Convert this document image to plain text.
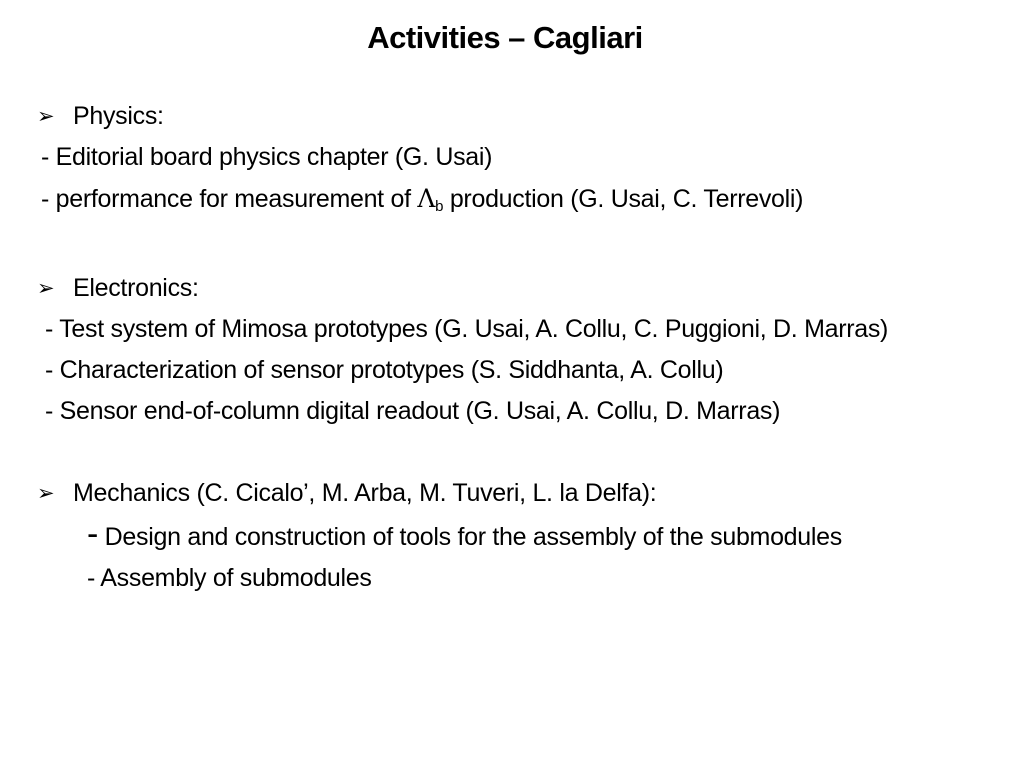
Activities – Cagliari
➢ Physics:
- Editorial board physics chapter (G. Usai)
- performance for measurement of $\Lambda_b$ production (G. Usai, C. Terrevoli)
➢ Electronics:
- Test system of Mimosa prototypes (G. Usai, A. Collu, C. Puggioni, D. Marras)
- Characterization of sensor prototypes (S. Siddhanta, A. Collu)
- Sensor end-of-column digital readout (G. Usai, A. Collu, D. Marras)
➢ Mechanics (C. Cicalo’, M. Arba, M. Tuveri, L. la Delfa):
- Design and construction of tools for the assembly of the submodules
- Assembly of submodules
